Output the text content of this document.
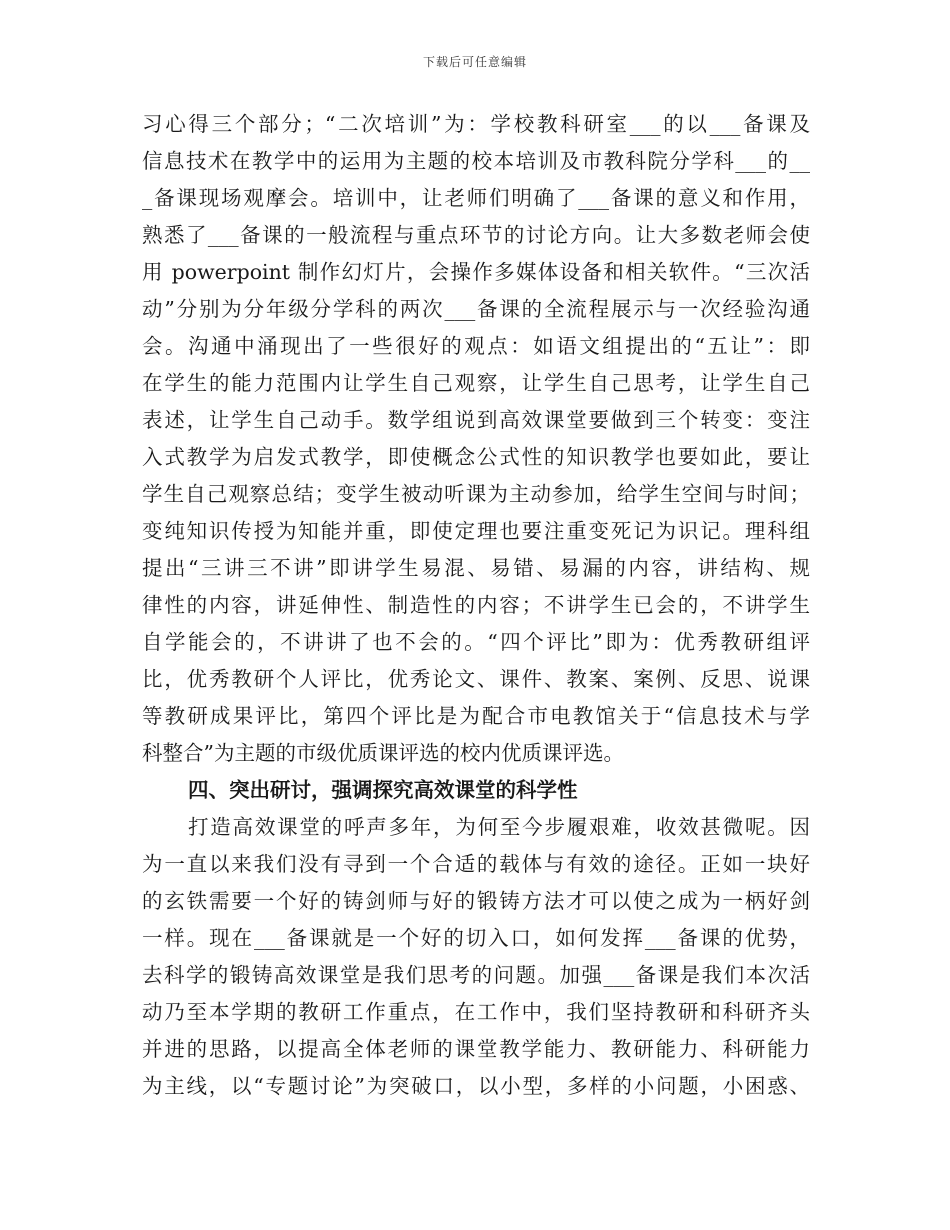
下载后可任意编辑
习心得三个部分；“二次培训”为：学校教科研室___的以___备课及
信息技术在教学中的运用为主题的校本培训及市教科院分学科___的__
_备课现场观摩会。培训中，让老师们明确了___备课的意义和作用，
熟悉了___备课的一般流程与重点环节的讨论方向。让大多数老师会使
用 powerpoint 制作幻灯片，会操作多媒体设备和相关软件。“三次活
动”分别为分年级分学科的两次___备课的全流程展示与一次经验沟通
会。沟通中涌现出了一些很好的观点：如语文组提出的“五让”：即
在学生的能力范围内让学生自己观察，让学生自己思考，让学生自己
表述，让学生自己动手。数学组说到高效课堂要做到三个转变：变注
入式教学为启发式教学，即使概念公式性的知识教学也要如此，要让
学生自己观察总结；变学生被动听课为主动参加，给学生空间与时间；
变纯知识传授为知能并重，即使定理也要注重变死记为识记。理科组
提出“三讲三不讲”即讲学生易混、易错、易漏的内容，讲结构、规
律性的内容，讲延伸性、制造性的内容；不讲学生已会的，不讲学生
自学能会的，不讲讲了也不会的。“四个评比”即为：优秀教研组评
比，优秀教研个人评比，优秀论文、课件、教案、案例、反思、说课
等教研成果评比，第四个评比是为配合市电教馆关于“信息技术与学
科整合”为主题的市级优质课评选的校内优质课评选。
四、突出研讨，强调探究高效课堂的科学性
打造高效课堂的呼声多年，为何至今步履艰难，收效甚微呢。因
为一直以来我们没有寻到一个合适的载体与有效的途径。正如一块好
的玄铁需要一个好的铸剑师与好的锻铸方法才可以使之成为一柄好剑
一样。现在___备课就是一个好的切入口，如何发挥___备课的优势，
去科学的锻铸高效课堂是我们思考的问题。加强___备课是我们本次活
动乃至本学期的教研工作重点，在工作中，我们坚持教研和科研齐头
并进的思路，以提高全体老师的课堂教学能力、教研能力、科研能力
为主线，以“专题讨论”为突破口，以小型，多样的小问题，小困惑、
